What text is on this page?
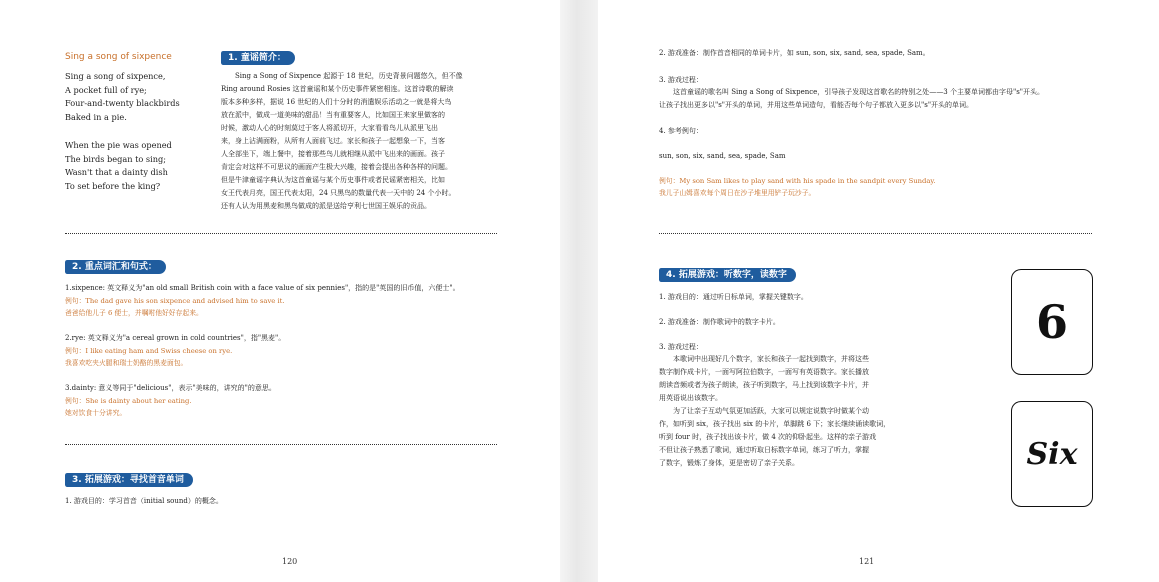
Sing a song of sixpence

Sing a song of sixpence,

A pocket full of rye;

Four-and-twenty blackbirds

Baked in a pie.

When the pie was opened

The birds began to sing;

Wasn't that a dainty dish

To set before the king?

1. 童谣简介：

Sing a Song of Sixpence 起源于 18 世纪，历史背景问题悠久，但不像

Ring around Rosies 这首童谣和某个历史事件紧密相连。这首诗歌的解读

版本多种多样，据说 16 世纪的人们十分时的消遣娱乐活动之一就是将大鸟

放在派中，做成一道美味的甜品！当有重要客人，比如国王来家里做客的

时候，激动人心的时刻莫过于客人将派切开，大家看看鸟儿从派里飞出

来，身上沾满面粉，从所有人面前飞过。家长和孩子一起想象一下，当客

人全部坐下，端上餐中，接着那些鸟儿就相继从派中飞出来的画面。孩子

肯定会对这样不可思议的画面产生极大兴趣，接着会提出各种各样的问题。

但是牛津童谣字典认为这首童谣与某个历史事件或者民谣紧密相关，比如

女王代表月亮，国王代表太阳，24 只黑鸟的数量代表一天中的 24 个小时。

还有人认为用黑麦和黑鸟做成的派是送给亨利七世国王娱乐的贡品。

2. 重点词汇和句式：

1.sixpence: 英文释义为"an old small British coin with a face value of six pennies"，指的是"英国的旧币值，六便士"。

例句：The dad gave his son sixpence and advised him to save it.

爸爸给他儿子 6 便士，并嘱咐他好好存起来。

2.rye: 英文释义为"a cereal grown in cold countries"，指"黑麦"。

例句：I like eating ham and Swiss cheese on rye.

我喜欢吃夹火腿和瑞士奶酪的黑麦面包。

3.dainty: 意义等同于"delicious"，表示"美味的，讲究的"的意思。

例句：She is dainty about her eating.

她对饮食十分讲究。

3. 拓展游戏：寻找首音单词
1. 游戏目的：学习首音（initial sound）的概念。
120
2. 游戏准备：制作首音相同的单词卡片，如 sun, son, six, sand, sea, spade, Sam。
3. 游戏过程：

这首童谣的歌名叫 Sing a Song of Sixpence，引导孩子发现这首歌名的特别之处——3 个主要单词都由字母"s"开头。

让孩子找出更多以"s"开头的单词，并用这些单词造句，看能否每个句子都放入更多以"s"开头的单词。

4. 参考例句：
sun, son, six, sand, sea, spade, Sam

例句：My son Sam likes to play sand with his spade in the sandpit every Sunday.

我儿子山姆喜欢每个周日在沙子堆里用铲子玩沙子。

4. 拓展游戏：听数字，读数字
1. 游戏目的：通过听日标单词，掌握关键数字。
2. 游戏准备：制作歌词中的数字卡片。
3. 游戏过程：

本歌词中出现好几个数字，家长和孩子一起找到数字，并将这些

数字制作成卡片，一面写阿拉伯数字，一面写有英语数字。家长播放

朗读音频或者为孩子朗读，孩子听到数字，马上找到该数字卡片，并

用英语说出该数字。

为了让亲子互动气氛更加活跃，大家可以规定说数字时做某个动

作，如听到 six，孩子找出 six 的卡片，单脚跳 6 下；家长继续诵读歌词，

听到 four 时，孩子找出该卡片，做 4 次的仰卧起坐。这样的亲子游戏

不但让孩子熟悉了歌词，通过听取日标数字单词，练习了听力，掌握

了数字，锻炼了身体，更是密切了亲子关系。

6
Six
121
